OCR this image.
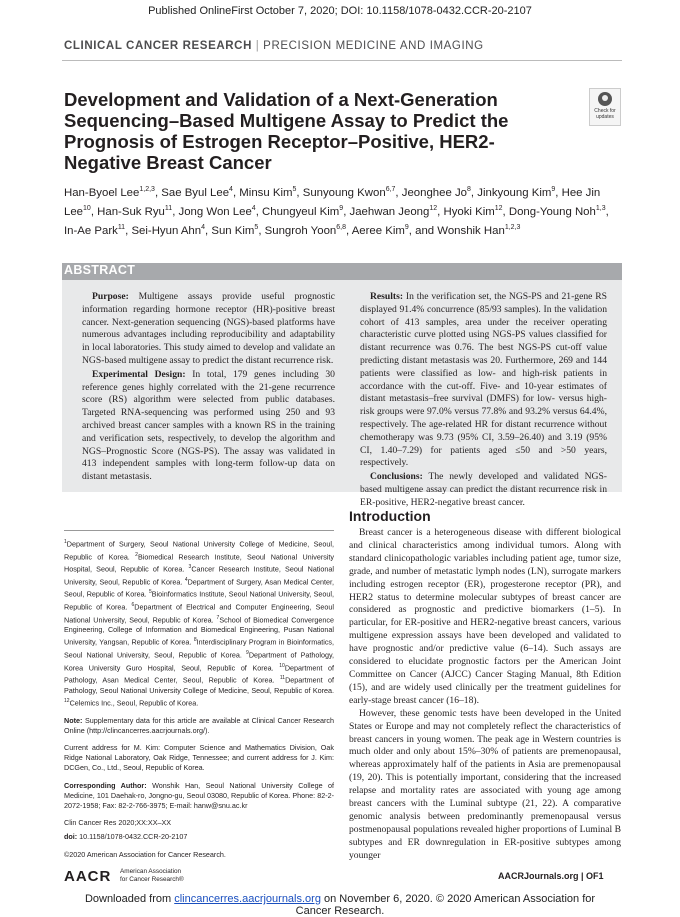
Published OnlineFirst October 7, 2020; DOI: 10.1158/1078-0432.CCR-20-2107
CLINICAL CANCER RESEARCH | PRECISION MEDICINE AND IMAGING
Development and Validation of a Next-Generation Sequencing–Based Multigene Assay to Predict the Prognosis of Estrogen Receptor–Positive, HER2-Negative Breast Cancer
Check for updates
Han-Byoel Lee$^{1,2,3}$, Sae Byul Lee$^4$, Minsu Kim$^5$, Sunyoung Kwon$^{6,7}$, Jeonghee Jo$^8$, Jinkyoung Kim$^9$, Hee Jin Lee$^{10}$, Han-Suk Ryu$^{11}$, Jong Won Lee$^4$, Chungyeul Kim$^9$, Jaehwan Jeong$^{12}$, Hyoki Kim$^{12}$, Dong-Young Noh$^{1,3}$, In-Ae Park$^{11}$, Sei-Hyun Ahn$^4$, Sun Kim$^5$, Sungroh Yoon$^{6,8}$, Aeree Kim$^9$, and Wonshik Han$^{1,2,3}$
ABSTRACT

Purpose: Multigene assays provide useful prognostic information regarding hormone receptor (HR)-positive breast cancer. Next-generation sequencing (NGS)-based platforms have numerous advantages including reproducibility and adaptability in local laboratories. This study aimed to develop and validate an NGS-based multigene assay to predict the distant recurrence risk.

Experimental Design: In total, 179 genes including 30 reference genes highly correlated with the 21-gene recurrence score (RS) algorithm were selected from public databases. Targeted RNA-sequencing was performed using 250 and 93 archived breast cancer samples with a known RS in the training and verification sets, respectively, to develop the algorithm and NGS–Prognostic Score (NGS-PS). The assay was validated in 413 independent samples with long-term follow-up data on distant metastasis.

Results: In the verification set, the NGS-PS and 21-gene RS displayed 91.4% concurrence (85/93 samples). In the validation cohort of 413 samples, area under the receiver operating characteristic curve plotted using NGS-PS values classified for distant recurrence was 0.76. The best NGS-PS cut-off value predicting distant metastasis was 20. Furthermore, 269 and 144 patients were classified as low- and high-risk patients in accordance with the cut-off. Five- and 10-year estimates of distant metastasis–free survival (DMFS) for low- versus high-risk groups were 97.0% versus 77.8% and 93.2% versus 64.4%, respectively. The age-related HR for distant recurrence without chemotherapy was 9.73 (95% CI, 3.59–26.40) and 3.19 (95% CI, 1.40–7.29) for patients aged ≤50 and >50 years, respectively.

Conclusions: The newly developed and validated NGS-based multigene assay can predict the distant recurrence risk in ER-positive, HER2-negative breast cancer.

$^1$Department of Surgery, Seoul National University College of Medicine, Seoul, Republic of Korea. $^2$Biomedical Research Institute, Seoul National University Hospital, Seoul, Republic of Korea. $^3$Cancer Research Institute, Seoul National University, Seoul, Republic of Korea. $^4$Department of Surgery, Asan Medical Center, Seoul, Republic of Korea. $^5$Bioinformatics Institute, Seoul National University, Seoul, Republic of Korea. $^6$Department of Electrical and Computer Engineering, Seoul National University, Seoul, Republic of Korea. $^7$School of Biomedical Convergence Engineering, College of Information and Biomedical Engineering, Pusan National University, Yangsan, Republic of Korea. $^8$Interdisciplinary Program in Bioinformatics, Seoul National University, Seoul, Republic of Korea. $^9$Department of Pathology, Korea University Guro Hospital, Seoul, Republic of Korea. $^{10}$Department of Pathology, Asan Medical Center, Seoul, Republic of Korea. $^{11}$Department of Pathology, Seoul National University College of Medicine, Seoul, Republic of Korea. $^{12}$Celemics Inc., Seoul, Republic of Korea.

Note: Supplementary data for this article are available at Clinical Cancer Research Online (http://clincancerres.aacrjournals.org/).

Current address for M. Kim: Computer Science and Mathematics Division, Oak Ridge National Laboratory, Oak Ridge, Tennessee; and current address for J. Kim: DCGen, Co., Ltd., Seoul, Republic of Korea.

Corresponding Author: Wonshik Han, Seoul National University College of Medicine, 101 Daehak-ro, Jongno-gu, Seoul 03080, Republic of Korea. Phone: 82-2-2072-1958; Fax: 82-2-766-3975; E-mail: hanw@snu.ac.kr

Clin Cancer Res 2020;XX:XX–XX

doi: 10.1158/1078-0432.CCR-20-2107

©2020 American Association for Cancer Research.

Introduction

Breast cancer is a heterogeneous disease with different biological and clinical characteristics among individual tumors. Along with standard clinicopathologic variables including patient age, tumor size, grade, and number of metastatic lymph nodes (LN), surrogate markers including estrogen receptor (ER), progesterone receptor (PR), and HER2 status to determine molecular subtypes of breast cancer are considered as prognostic and predictive biomarkers (1–5). In particular, for ER-positive and HER2-negative breast cancers, various multigene expression assays have been developed and validated to have prognostic and/or predictive value (6–14). Such assays are considered to elucidate prognostic factors per the American Joint Committee on Cancer (AJCC) Cancer Staging Manual, 8th Edition (15), and are widely used clinically per the treatment guidelines for early-stage breast cancer (16–18).

However, these genomic tests have been developed in the United States or Europe and may not completely reflect the characteristics of breast cancers in young women. The peak age in Western countries is much older and only about 15%–30% of patients are premenopausal, whereas approximately half of the patients in Asia are premenopausal (19, 20). This is potentially important, considering that the increased relapse and mortality rates are associated with young age among breast cancers with the Luminal subtype (21, 22). A comparative genomic analysis between predominantly premenopausal versus postmenopausal populations revealed higher proportions of Luminal B subtypes and ER downregulation in ER-positive subtypes among younger

AACR American Association
for Cancer Research®	AACRJournals.org | OF1
Downloaded from clincancerres.aacrjournals.org on November 6, 2020. © 2020 American Association for
Cancer Research.
